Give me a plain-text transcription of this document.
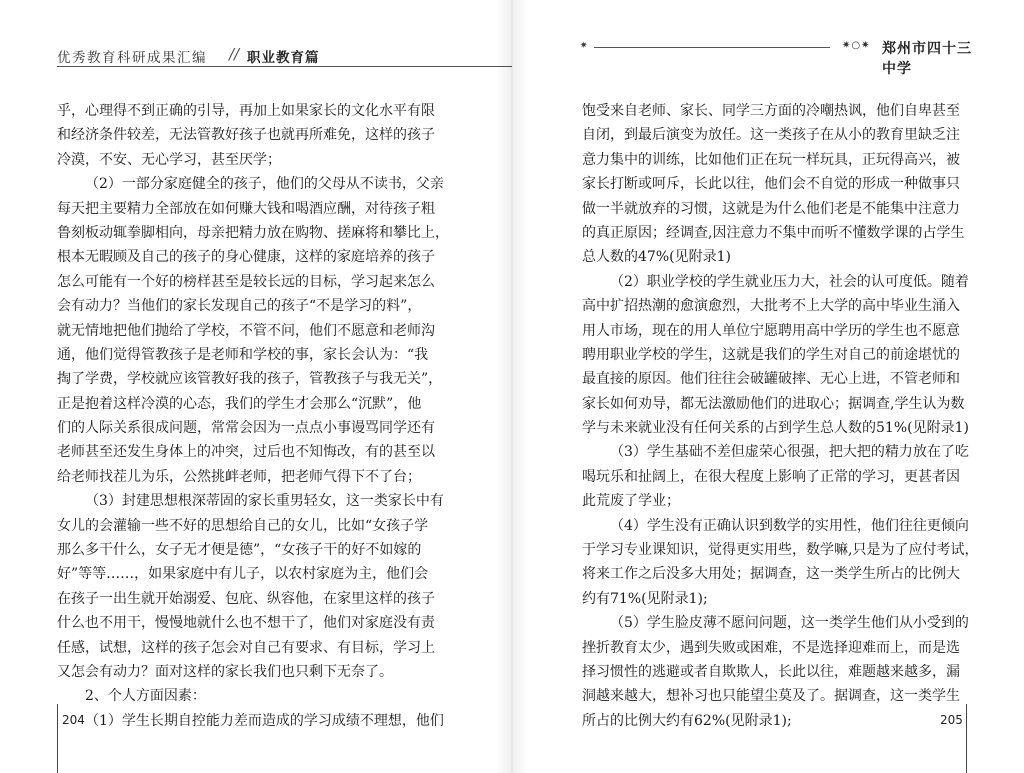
优秀教育科研成果汇编 // 职业教育篇
乎，心理得不到正确的引导，再加上如果家长的文化水平有限
和经济条件较差，无法管教好孩子也就再所难免，这样的孩子
冷漠，不安、无心学习，甚至厌学；
（2）一部分家庭健全的孩子，他们的父母从不读书，父亲
每天把主要精力全部放在如何赚大钱和喝酒应酬，对待孩子粗
鲁刻板动辄拳脚相向，母亲把精力放在购物、搓麻将和攀比上，
根本无暇顾及自己的孩子的身心健康，这样的家庭培养的孩子
怎么可能有一个好的榜样甚至是较长远的目标，学习起来怎么
会有动力？当他们的家长发现自己的孩子“不是学习的料”，
就无情地把他们抛给了学校，不管不问，他们不愿意和老师沟
通，他们觉得管教孩子是老师和学校的事，家长会认为：“我
掏了学费，学校就应该管教好我的孩子，管教孩子与我无关”，
正是抱着这样冷漠的心态，我们的学生才会那么“沉默”，他
们的人际关系很成问题，常常会因为一点点小事谩骂同学还有
老师甚至还发生身体上的冲突，过后也不知悔改，有的甚至以
给老师找茬儿为乐，公然挑衅老师，把老师气得下不了台；
（3）封建思想根深蒂固的家长重男轻女，这一类家长中有
女儿的会灌输一些不好的思想给自己的女儿，比如“女孩子学
那么多干什么，女子无才便是德”，“女孩子干的好不如嫁的
好”等等……，如果家庭中有儿子，以农村家庭为主，他们会
在孩子一出生就开始溺爱、包庇、纵容他，在家里这样的孩子
什么也不用干，慢慢地就什么也不想干了，他们对家庭没有责
任感，试想，这样的孩子怎会对自己有要求、有目标，学习上
又怎会有动力？面对这样的家长我们也只剩下无奈了。
2、个人方面因素：
（1）学生长期自控能力差而造成的学习成绩不理想，他们
204
✷	✷○✷ 郑州市四十三中学
饱受来自老师、家长、同学三方面的冷嘲热讽，他们自卑甚至
自闭，到最后演变为放任。这一类孩子在从小的教育里缺乏注
意力集中的训练，比如他们正在玩一样玩具，正玩得高兴，被
家长打断或呵斥，长此以往，他们会不自觉的形成一种做事只
做一半就放弃的习惯，这就是为什么他们老是不能集中注意力
的真正原因；经调查,因注意力不集中而听不懂数学课的占学生
总人数的47%(见附录1)
（2）职业学校的学生就业压力大，社会的认可度低。随着
高中扩招热潮的愈演愈烈，大批考不上大学的高中毕业生涌入
用人市场，现在的用人单位宁愿聘用高中学历的学生也不愿意
聘用职业学校的学生，这就是我们的学生对自己的前途堪忧的
最直接的原因。他们往往会破罐破摔、无心上进，不管老师和
家长如何劝导，都无法激励他们的进取心；据调查,学生认为数
学与未来就业没有任何关系的占到学生总人数的51%(见附录1)
（3）学生基础不差但虚荣心很强，把大把的精力放在了吃
喝玩乐和扯阔上，在很大程度上影响了正常的学习，更甚者因
此荒废了学业；
（4）学生没有正确认识到数学的实用性，他们往往更倾向
于学习专业课知识，觉得更实用些，数学嘛,只是为了应付考试，
将来工作之后没多大用处；据调查，这一类学生所占的比例大
约有71%(见附录1);
（5）学生脸皮薄不愿问问题，这一类学生他们从小受到的
挫折教育太少，遇到失败或困难，不是选择迎难而上，而是选
择习惯性的逃避或者自欺欺人，长此以往，难题越来越多，漏
洞越来越大，想补习也只能望尘莫及了。据调查，这一类学生
所占的比例大约有62%(见附录1);	205
